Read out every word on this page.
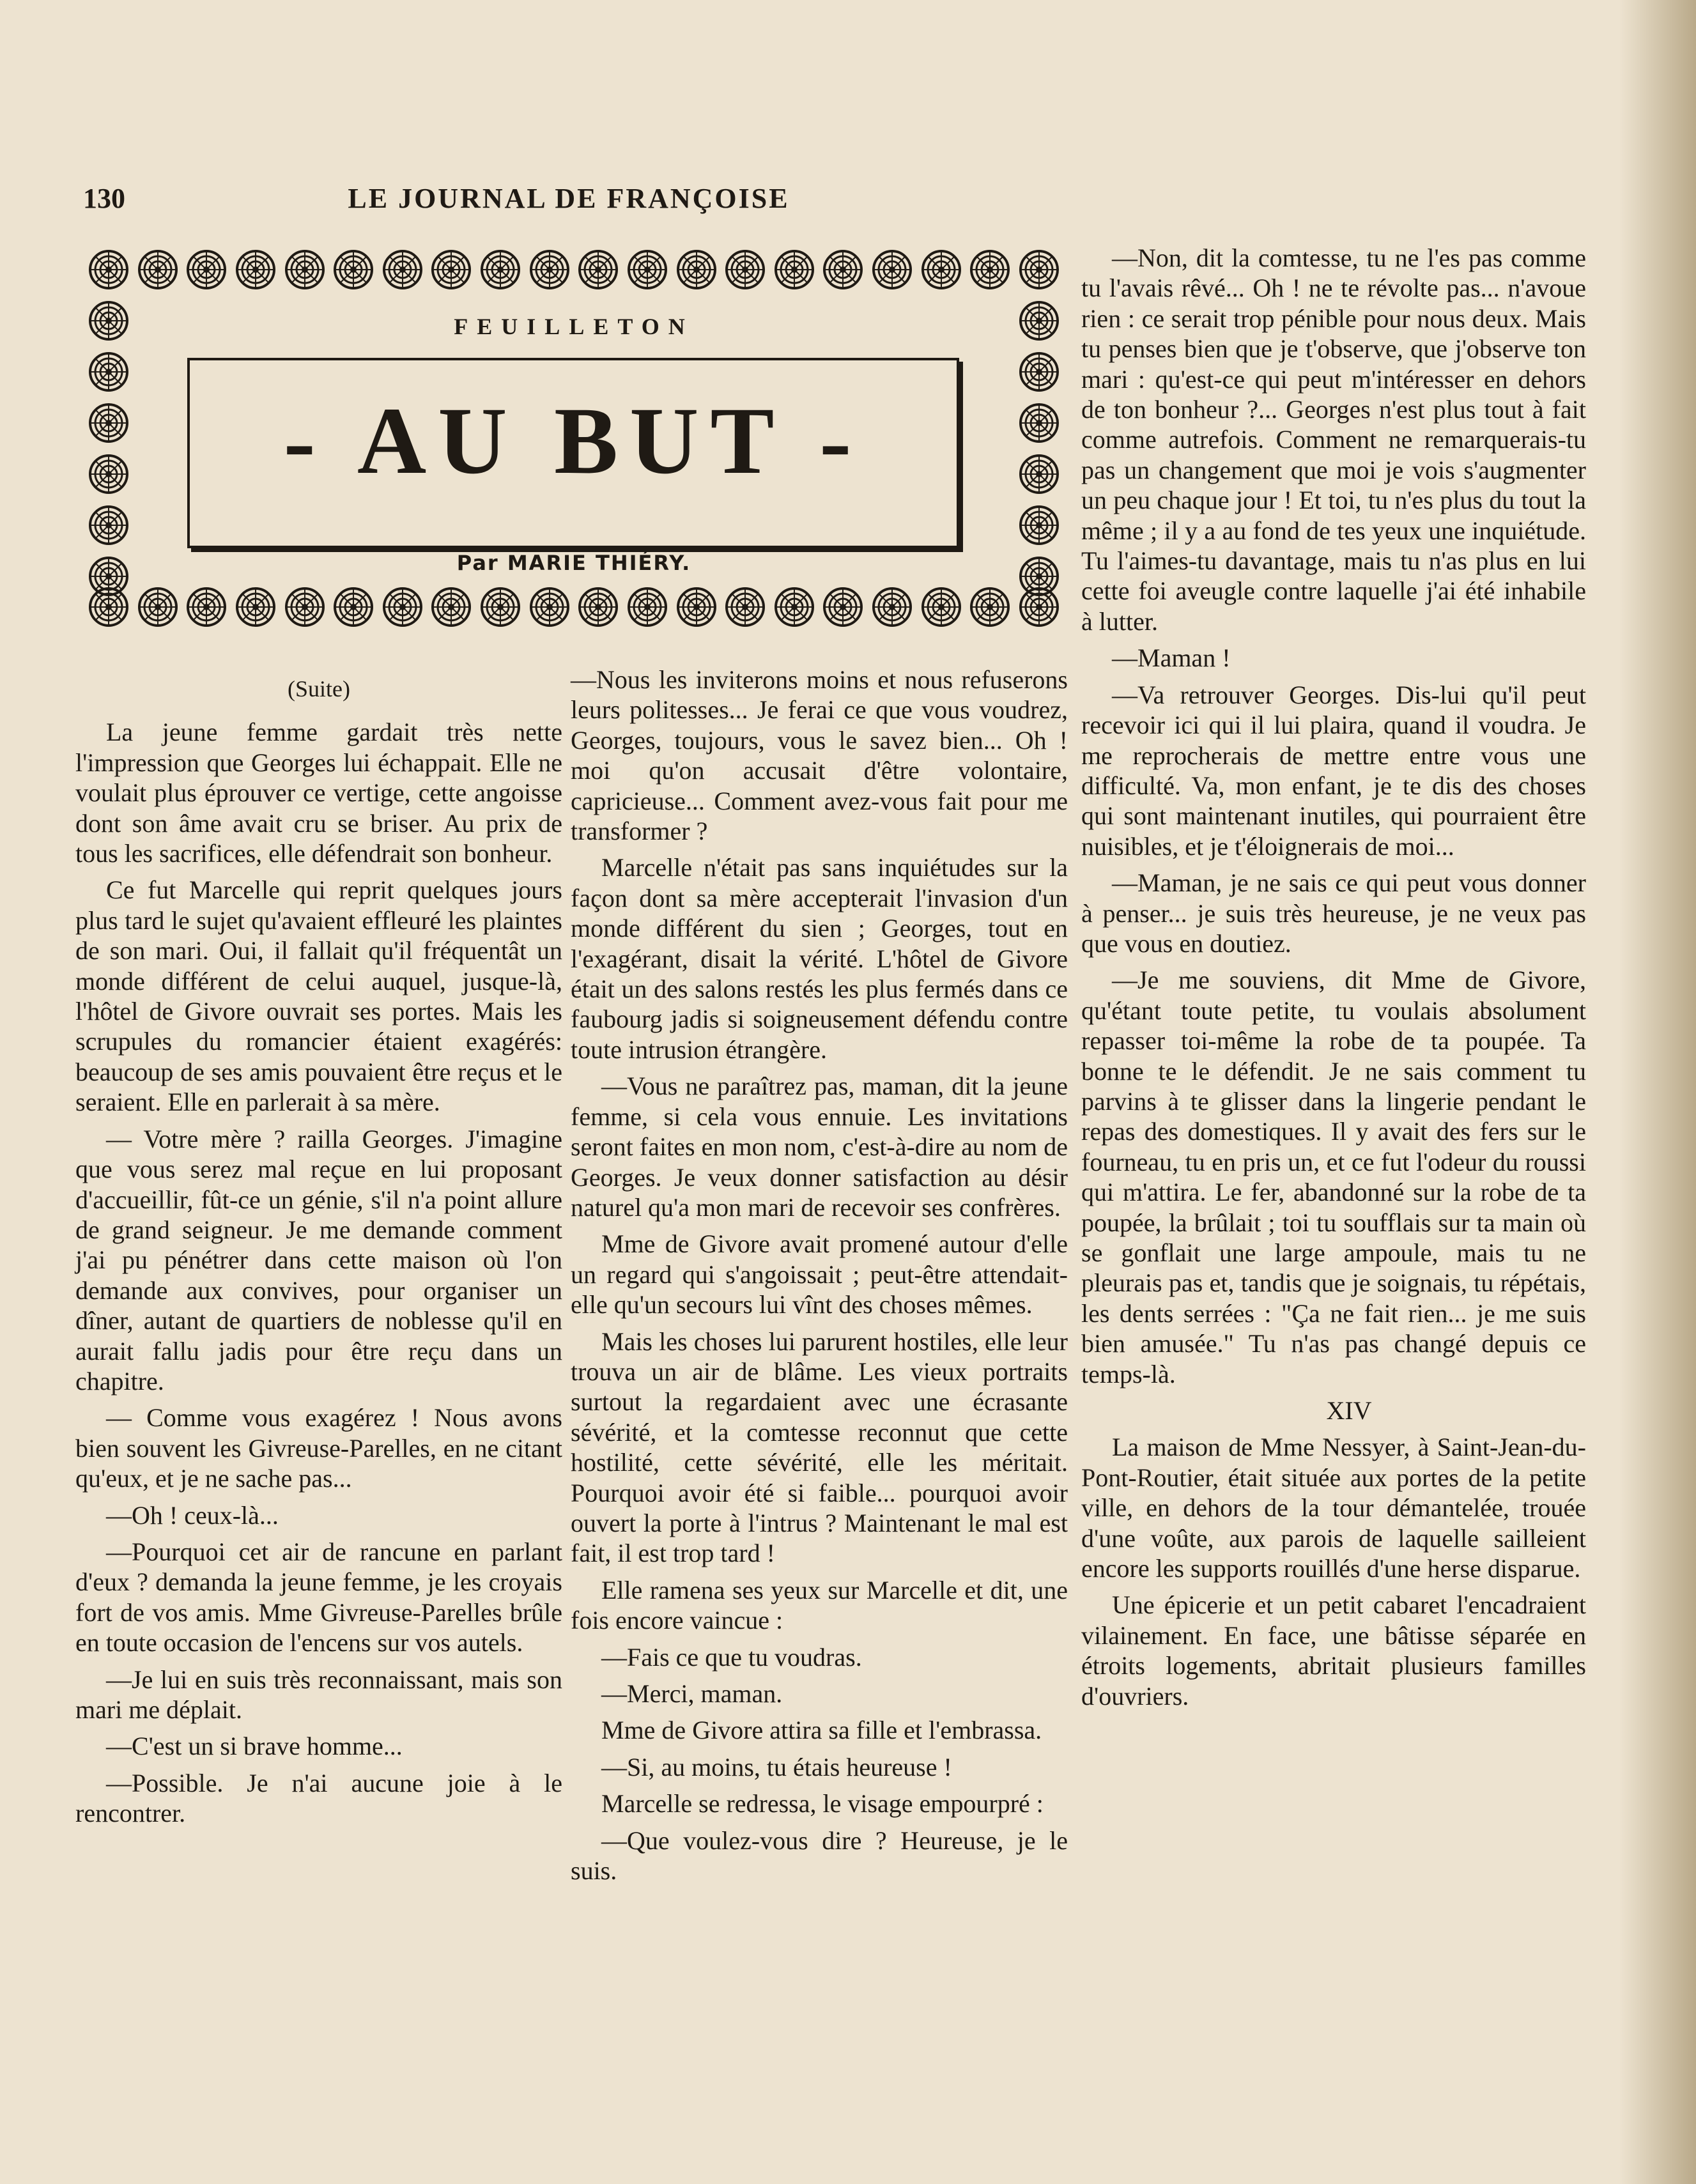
130	LE JOURNAL DE FRANÇOISE
FEUILLETON
- AU BUT -
Par MARIE THIÉRY.
(Suite)

La jeune femme gardait très nette l'impression que Georges lui échappait. Elle ne voulait plus éprouver ce vertige, cette angoisse dont son âme avait cru se briser. Au prix de tous les sacrifices, elle défendrait son bonheur.

Ce fut Marcelle qui reprit quelques jours plus tard le sujet qu'avaient effleuré les plaintes de son mari. Oui, il fallait qu'il fréquentât un monde différent de celui auquel, jusque-là, l'hôtel de Givore ouvrait ses portes. Mais les scrupules du romancier étaient exagérés: beaucoup de ses amis pouvaient être reçus et le seraient. Elle en parlerait à sa mère.

— Votre mère ? railla Georges. J'imagine que vous serez mal reçue en lui proposant d'accueillir, fût-ce un génie, s'il n'a point allure de grand seigneur. Je me demande comment j'ai pu pénétrer dans cette maison où l'on demande aux convives, pour organiser un dîner, autant de quartiers de noblesse qu'il en aurait fallu jadis pour être reçu dans un chapitre.

— Comme vous exagérez ! Nous avons bien souvent les Givreuse-Parelles, en ne citant qu'eux, et je ne sache pas...

—Oh ! ceux-là...

—Pourquoi cet air de rancune en parlant d'eux ? demanda la jeune femme, je les croyais fort de vos amis. Mme Givreuse-Parelles brûle en toute occasion de l'encens sur vos autels.

—Je lui en suis très reconnaissant, mais son mari me déplait.

—C'est un si brave homme...

—Possible. Je n'ai aucune joie à le rencontrer.

—Nous les inviterons moins et nous refuserons leurs politesses... Je ferai ce que vous voudrez, Georges, toujours, vous le savez bien... Oh ! moi qu'on accusait d'être volontaire, capricieuse... Comment avez-vous fait pour me transformer ?

Marcelle n'était pas sans inquiétudes sur la façon dont sa mère accepterait l'invasion d'un monde différent du sien ; Georges, tout en l'exagérant, disait la vérité. L'hôtel de Givore était un des salons restés les plus fermés dans ce faubourg jadis si soigneusement défendu contre toute intrusion étrangère.

—Vous ne paraîtrez pas, maman, dit la jeune femme, si cela vous ennuie. Les invitations seront faites en mon nom, c'est-à-dire au nom de Georges. Je veux donner satisfaction au désir naturel qu'a mon mari de recevoir ses confrères.

Mme de Givore avait promené autour d'elle un regard qui s'angoissait ; peut-être attendait-elle qu'un secours lui vînt des choses mêmes.

Mais les choses lui parurent hostiles, elle leur trouva un air de blâme. Les vieux portraits surtout la regardaient avec une écrasante sévérité, et la comtesse reconnut que cette hostilité, cette sévérité, elle les méritait. Pourquoi avoir été si faible... pourquoi avoir ouvert la porte à l'intrus ? Maintenant le mal est fait, il est trop tard !

Elle ramena ses yeux sur Marcelle et dit, une fois encore vaincue :

—Fais ce que tu voudras.

—Merci, maman.

Mme de Givore attira sa fille et l'embrassa.

—Si, au moins, tu étais heureuse !

Marcelle se redressa, le visage empourpré :

—Que voulez-vous dire ? Heureuse, je le suis.

—Non, dit la comtesse, tu ne l'es pas comme tu l'avais rêvé... Oh ! ne te révolte pas... n'avoue rien : ce serait trop pénible pour nous deux. Mais tu penses bien que je t'observe, que j'observe ton mari : qu'est-ce qui peut m'intéresser en dehors de ton bonheur ?... Georges n'est plus tout à fait comme autrefois. Comment ne remarquerais-tu pas un changement que moi je vois s'augmenter un peu chaque jour ! Et toi, tu n'es plus du tout la même ; il y a au fond de tes yeux une inquiétude. Tu l'aimes-tu davantage, mais tu n'as plus en lui cette foi aveugle contre laquelle j'ai été inhabile à lutter.

—Maman !

—Va retrouver Georges. Dis-lui qu'il peut recevoir ici qui il lui plaira, quand il voudra. Je me reprocherais de mettre entre vous une difficulté. Va, mon enfant, je te dis des choses qui sont maintenant inutiles, qui pourraient être nuisibles, et je t'éloignerais de moi...

—Maman, je ne sais ce qui peut vous donner à penser... je suis très heureuse, je ne veux pas que vous en doutiez.

—Je me souviens, dit Mme de Givore, qu'étant toute petite, tu voulais absolument repasser toi-même la robe de ta poupée. Ta bonne te le défendit. Je ne sais comment tu parvins à te glisser dans la lingerie pendant le repas des domestiques. Il y avait des fers sur le fourneau, tu en pris un, et ce fut l'odeur du roussi qui m'attira. Le fer, abandonné sur la robe de ta poupée, la brûlait ; toi tu soufflais sur ta main où se gonflait une large ampoule, mais tu ne pleurais pas et, tandis que je soignais, tu répétais, les dents serrées : "Ça ne fait rien... je me suis bien amusée." Tu n'as pas changé depuis ce temps-là.

XIV

La maison de Mme Nessyer, à Saint-Jean-du-Pont-Routier, était située aux portes de la petite ville, en dehors de la tour démantelée, trouée d'une voûte, aux parois de laquelle sailleient encore les supports rouillés d'une herse disparue.

Une épicerie et un petit cabaret l'encadraient vilainement. En face, une bâtisse séparée en étroits logements, abritait plusieurs familles d'ouvriers.
